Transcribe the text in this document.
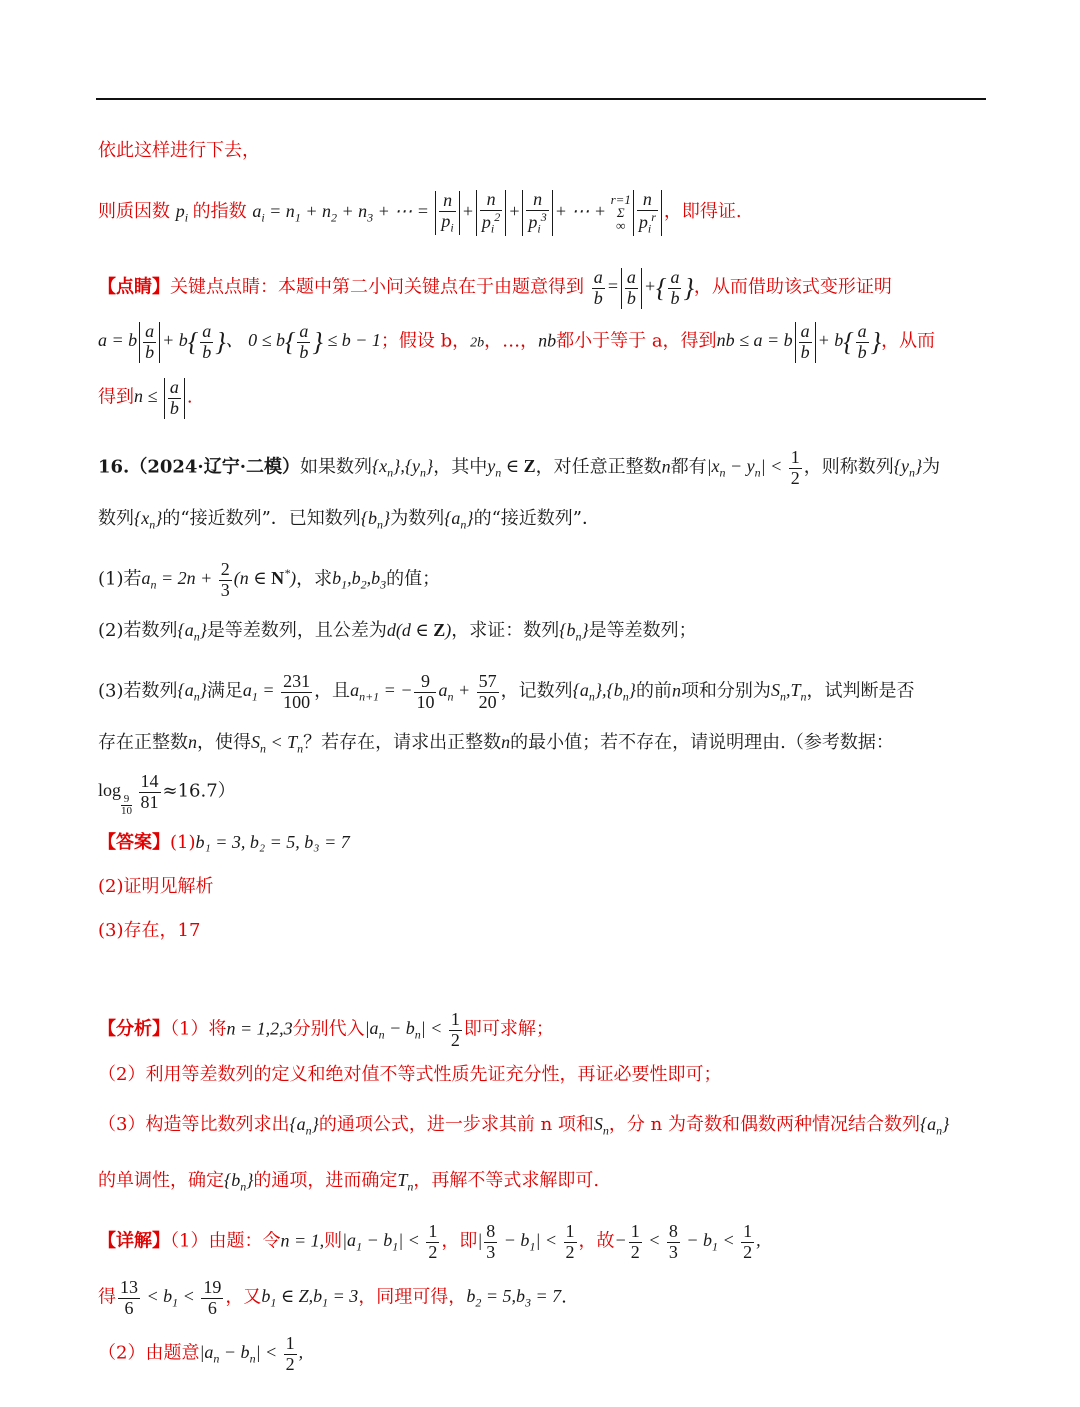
依此这样进行下去，
则质因数 $p_i$ 的指数 $a_i = n_1 + n_2 + n_3$ + ⋯ = $\frac{n}{p_i} + \frac{n}{p_i^2} + \frac{n}{p_i^3}$ + ⋯ + r=1
Σ
∞ $\frac{n}{p_i^r}$ ，即得证.
【点睛】关键点点睛：本题中第二小问关键点在于由题意得到 $\frac{a}{b} = \frac{a}{b}$ +{ $\frac{a}{b}$ }，从而借助该式变形证明
a = b $\frac{a}{b} + b\{ \frac{a}{b}$ }、 $0 \le b\{ \frac{a}{b}$ } ≤ b − 1；假设 b，2b，…，nb都小于等于 a，得到nb ≤ a = b $\frac{a}{b} + b\{ \frac{a}{b}$ }，从而
得到$n \le \frac{a}{b}$ .
16.（2024·辽宁·二模）如果数列$\{x_n\},\{y_n\}$，其中$y_n$ ∈ Z，对任意正整数n都有$|x_n - y_n| < \frac{1}{2}$ ，则称数列$\{y_n\}$为
数列$\{x_n\}$的“接近数列”．已知数列$\{b_n\}$为数列$\{a_n\}$的“接近数列”．
(1)若$a_n = 2n + \frac{2}{3} (n$ ∈ N*)，求$b_1,b_2,b_3$的值；
(2)若数列$\{a_n\}$是等差数列，且公差为d(d ∈ Z)，求证：数列$\{b_n\}$是等差数列；
(3)若数列$\{a_n\}$满足$a_1 = \frac{231}{100}$ ，且$a_{n+1}$ = − $\frac{9}{10} a_n + \frac{57}{20}$ ，记数列$\{a_n\},\{b_n\}$的前n项和分别为$S_n,T_n$，试判断是否
存在正整数n，使得$S_n < T_n$？若存在，请求出正整数n的最小值；若不存在，请说明理由.（参考数据：
log 9
$10 \frac{14}{81} \approx 16.7$）
【答案】(1)b₁ = 3, b₂ = 5, b₃ = 7
(2)证明见解析
(3)存在，17
【分析】（1）将n = 1,2,3分别代入$|a_n - b_n| < \frac{1}{2}$ 即可求解；
（2）利用等差数列的定义和绝对值不等式性质先证充分性，再证必要性即可；
（3）构造等比数列求出$\{a_n\}$的通项公式，进一步求其前 n 项和$S_n$，分 n 为奇数和偶数两种情况结合数列$\{a_n\}$
的单调性，确定$\{b_n\}$的通项，进而确定$T_n$，再解不等式求解即可.
【详解】（1）由题：令n = 1,则$|a_1 - b_1| < \frac{1}{2}$ ，即| $\frac{8}{3} - b_1| < \frac{1}{2}$ ，故− $\frac{1}{2} < \frac{8}{3} - b_1 < \frac{1}{2}$ ,
得 $\frac{13}{6} < b_1 < \frac{19}{6}$ ，又$b_1$ ∈ $Z,b_1 = 3$，同理可得，$b_2 = 5,b_3 = 7$.
（2）由题意$|a_n - b_n| < \frac{1}{2}$ ,
